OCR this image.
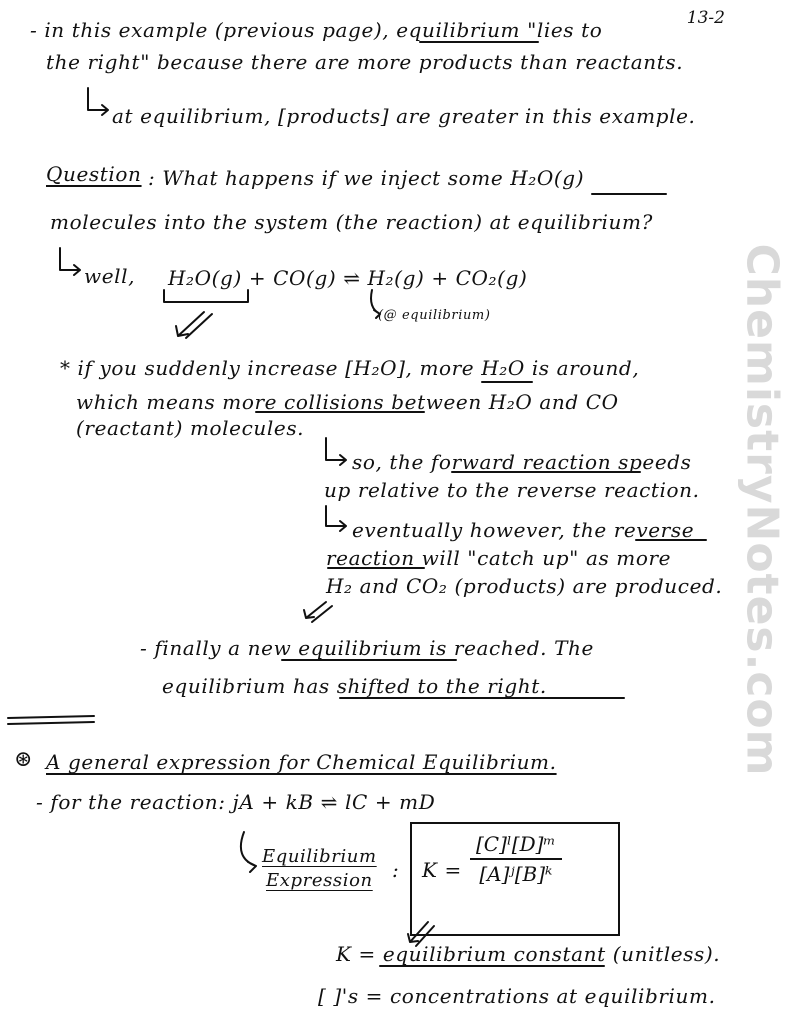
13-2
ChemistryNotes.com
- in this example (previous page), equilibrium "lies to
the right" because there are more products than reactants.
at equilibrium, [products] are greater in this example.
Question : What happens if we inject some H₂O(g)
molecules into the system (the reaction) at equilibrium?
well, H₂O(g) + CO(g) ⇌ H₂(g) + CO₂(g)
(@ equilibrium)
* if you suddenly increase [H₂O], more H₂O is around,
which means more collisions between H₂O and CO
(reactant) molecules.
so, the forward reaction speeds
up relative to the reverse reaction.
eventually however, the reverse
reaction will "catch up" as more
H₂ and CO₂ (products) are produced.
- finally a new equilibrium is reached. The
equilibrium has shifted to the right.
⊛ A general expression for Chemical Equilibrium.
- for the reaction: jA + kB ⇌ lC + mD
Equilibrium
Expression : $K = \frac{\text{[C]ˡ[D]ᵐ}}{\text{[A]ʲ[B]ᵏ}}$
K = equilibrium constant (unitless).
[ ]'s = concentrations at equilibrium.
